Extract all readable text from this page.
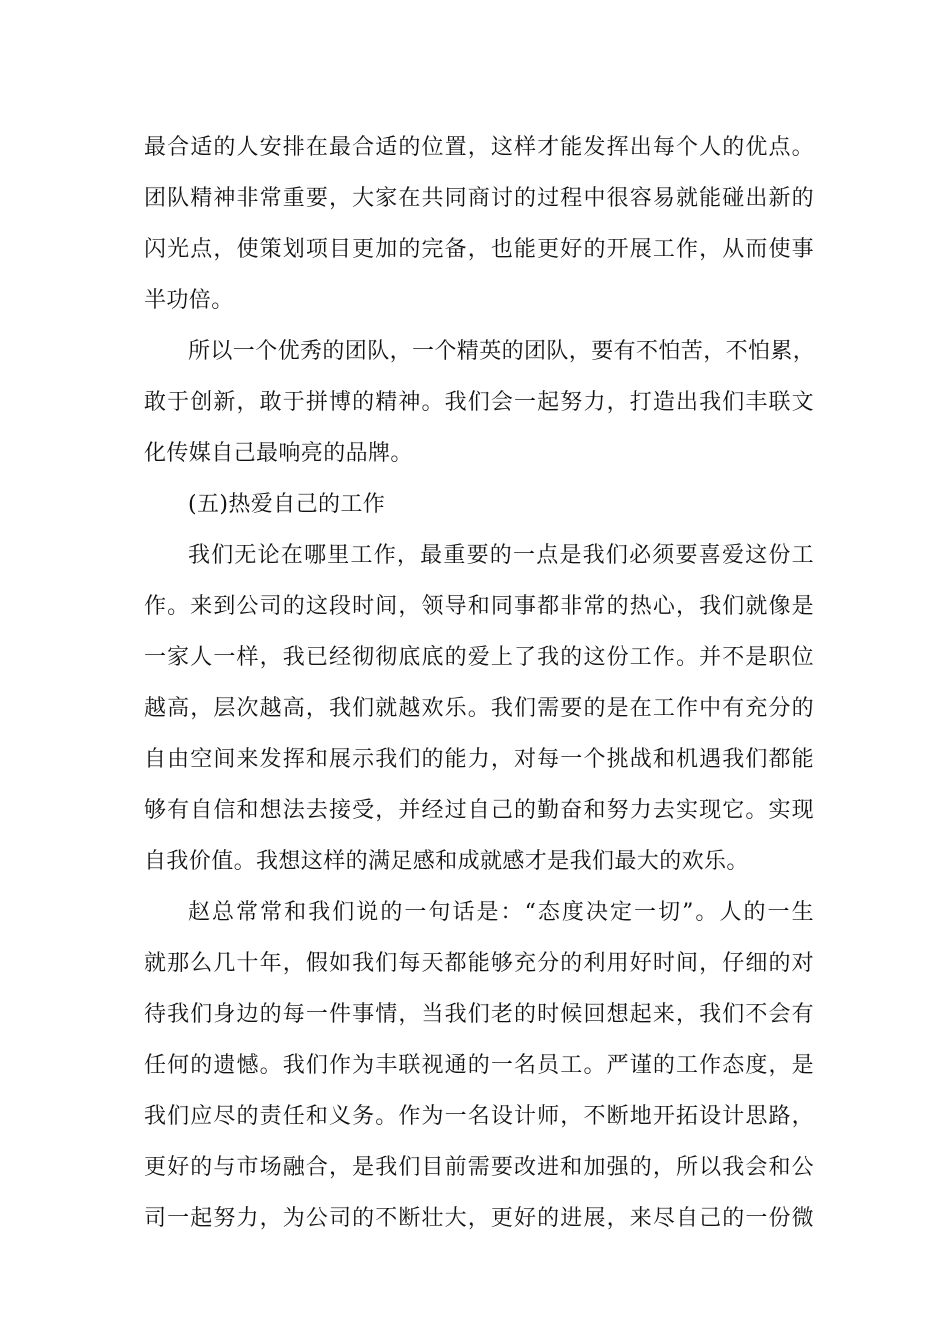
最合适的人安排在最合适的位置，这样才能发挥出每个人的优点。
团队精神非常重要，大家在共同商讨的过程中很容易就能碰出新的
闪光点，使策划项目更加的完备，也能更好的开展工作，从而使事
半功倍。
所以一个优秀的团队，一个精英的团队，要有不怕苦，不怕累，
敢于创新，敢于拼博的精神。我们会一起努力，打造出我们丰联文
化传媒自己最响亮的品牌。
(五)热爱自己的工作
我们无论在哪里工作，最重要的一点是我们必须要喜爱这份工
作。来到公司的这段时间，领导和同事都非常的热心，我们就像是
一家人一样，我已经彻彻底底的爱上了我的这份工作。并不是职位
越高，层次越高，我们就越欢乐。我们需要的是在工作中有充分的
自由空间来发挥和展示我们的能力，对每一个挑战和机遇我们都能
够有自信和想法去接受，并经过自己的勤奋和努力去实现它。实现
自我价值。我想这样的满足感和成就感才是我们最大的欢乐。
赵总常常和我们说的一句话是：“态度决定一切”。人的一生
就那么几十年，假如我们每天都能够充分的利用好时间，仔细的对
待我们身边的每一件事情，当我们老的时候回想起来，我们不会有
任何的遗憾。我们作为丰联视通的一名员工。严谨的工作态度，是
我们应尽的责任和义务。作为一名设计师，不断地开拓设计思路，
更好的与市场融合，是我们目前需要改进和加强的，所以我会和公
司一起努力，为公司的不断壮大，更好的进展，来尽自己的一份微
